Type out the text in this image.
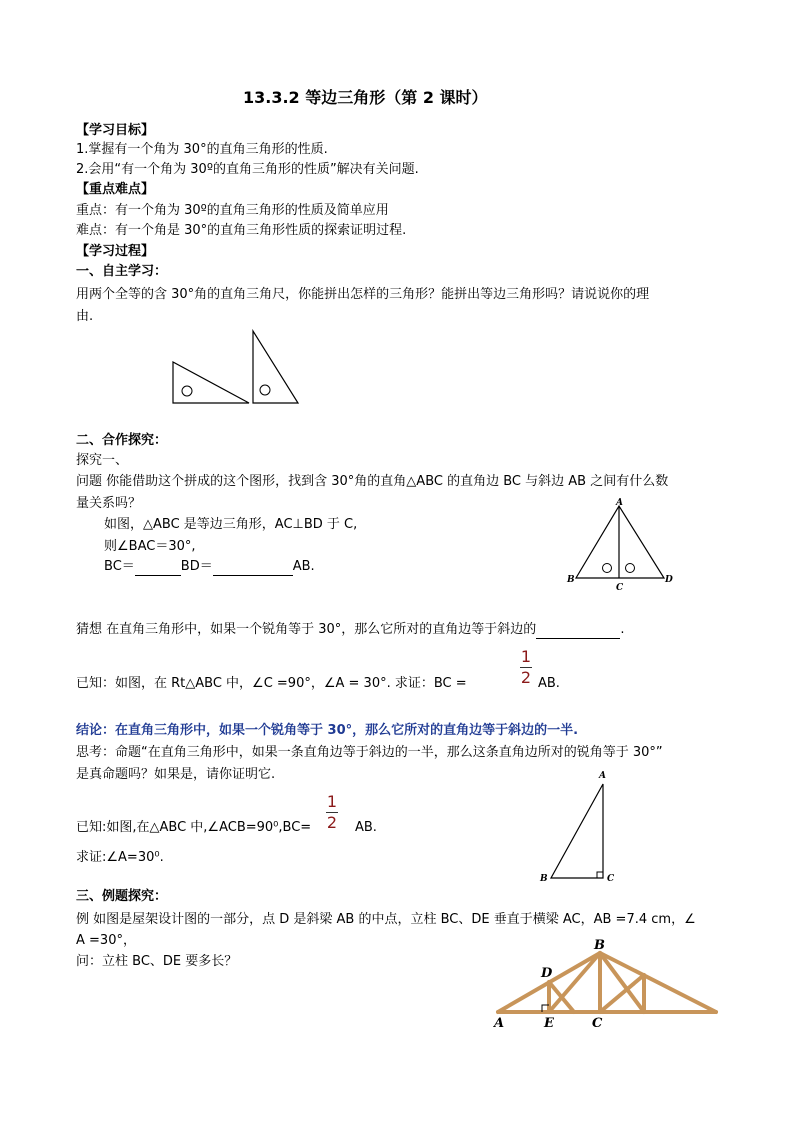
13.3.2 等边三角形（第 2 课时）
【学习目标】
1.掌握有一个角为 30°的直角三角形的性质.
2.会用“有一个角为 30º的直角三角形的性质”解决有关问题.
【重点难点】
重点：有一个角为 30º的直角三角形的性质及简单应用
难点：有一个角是 30°的直角三角形性质的探索证明过程.
【学习过程】
一、自主学习：
用两个全等的含 30°角的直角三角尺，你能拼出怎样的三角形？能拼出等边三角形吗？请说说你的理
由.
二、合作探究：
探究一、
问题 你能借助这个拼成的这个图形，找到含 30°角的直角△ABC 的直角边 BC 与斜边 AB 之间有什么数
量关系吗？
如图，△ABC 是等边三角形，AC⊥BD 于 C,
则∠BAC＝30°,
BC＝	BD＝	AB.
A
B
C
D
猜想 在直角三角形中，如果一个锐角等于 30°，那么它所对的直角边等于斜边的	.
已知：如图，在 Rt△ABC 中，∠C =90°，∠A = 30°. 求证：BC =
1
2 AB.
结论：在直角三角形中，如果一个锐角等于 30°，那么它所对的直角边等于斜边的一半.
思考：命题“在直角三角形中，如果一条直角边等于斜边的一半，那么这条直角边所对的锐角等于 30°”
是真命题吗？如果是，请你证明它.
已知:如图,在△ABC 中,∠ACB=90⁰,BC=
1
2 AB.
求证:∠A=30⁰.
A
B	C
三、例题探究：
例 如图是屋架设计图的一部分，点 D 是斜梁 AB 的中点，立柱 BC、DE 垂直于横梁 AC，AB =7.4 cm，∠
A =30°，
问：立柱 BC、DE 要多长？
A
B
C
D
E
